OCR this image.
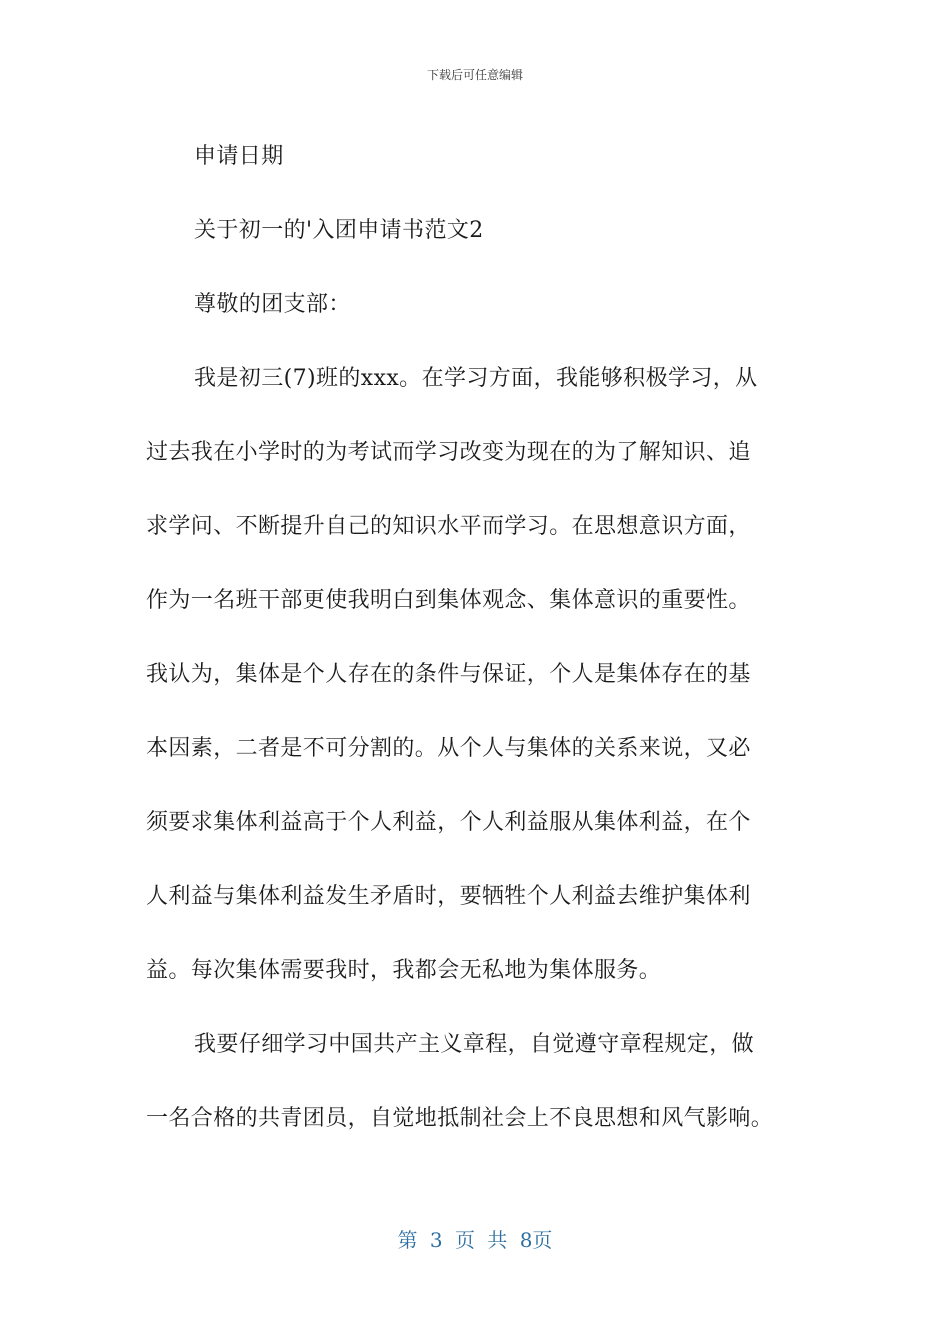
下载后可任意编辑
申请日期
关于初一的'入团申请书范文2
尊敬的团支部：
我是初三(7)班的xxx。在学习方面，我能够积极学习，从
过去我在小学时的为考试而学习改变为现在的为了解知识、追
求学问、不断提升自己的知识水平而学习。在思想意识方面，
作为一名班干部更使我明白到集体观念、集体意识的重要性。
我认为，集体是个人存在的条件与保证，个人是集体存在的基
本因素，二者是不可分割的。从个人与集体的关系来说，又必
须要求集体利益高于个人利益，个人利益服从集体利益，在个
人利益与集体利益发生矛盾时，要牺牲个人利益去维护集体利
益。每次集体需要我时，我都会无私地为集体服务。
我要仔细学习中国共产主义章程，自觉遵守章程规定，做
一名合格的共青团员，自觉地抵制社会上不良思想和风气影响。
第 3 页 共 8页
